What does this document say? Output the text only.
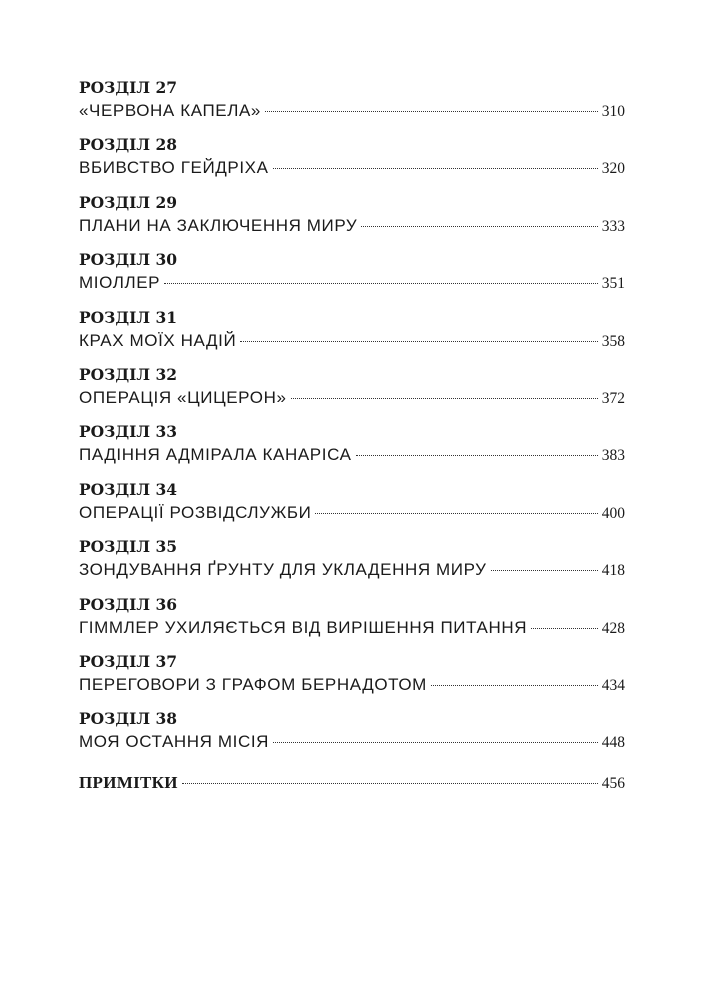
РОЗДІЛ 27
«ЧЕРВОНА КАПЕЛА»	310
РОЗДІЛ 28
ВБИВСТВО ГЕЙДРІХА	320
РОЗДІЛ 29
ПЛАНИ НА ЗАКЛЮЧЕННЯ МИРУ	333
РОЗДІЛ 30
МІОЛЛЕР	351
РОЗДІЛ 31
КРАХ МОЇХ НАДІЙ	358
РОЗДІЛ 32
ОПЕРАЦІЯ «ЦИЦЕРОН»	372
РОЗДІЛ 33
ПАДІННЯ АДМІРАЛА КАНАРІСА	383
РОЗДІЛ 34
ОПЕРАЦІЇ РОЗВІДСЛУЖБИ	400
РОЗДІЛ 35
ЗОНДУВАННЯ ҐРУНТУ ДЛЯ УКЛАДЕННЯ МИРУ	418
РОЗДІЛ 36
ГІММЛЕР УХИЛЯЄТЬСЯ ВІД ВИРІШЕННЯ ПИТАННЯ	428
РОЗДІЛ 37
ПЕРЕГОВОРИ З ГРАФОМ БЕРНАДОТОМ	434
РОЗДІЛ 38
МОЯ ОСТАННЯ МІСІЯ	448
ПРИМІТКИ	456
